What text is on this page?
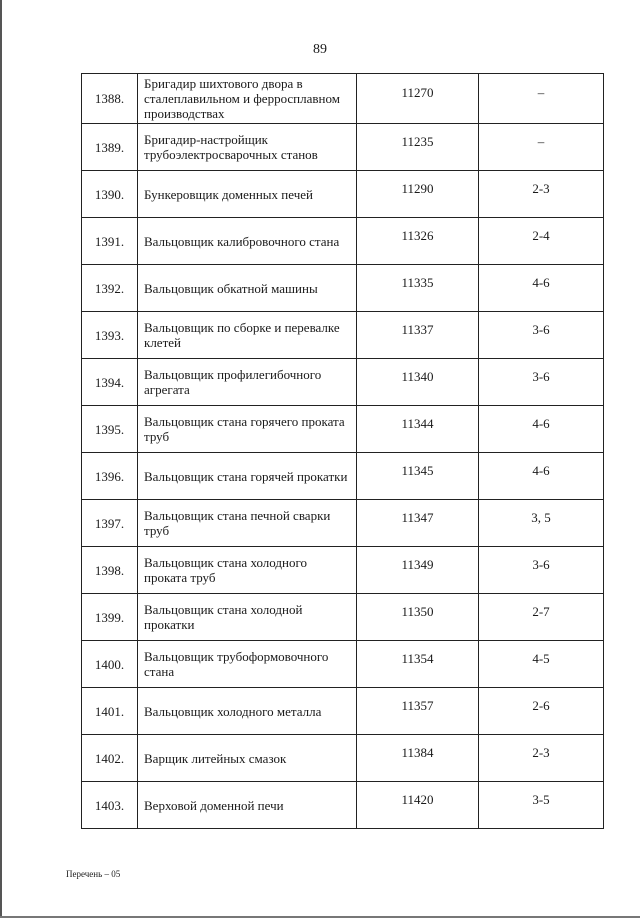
89
1388.	Бригадир шихтового двора в сталеплавильном и ферросплавном производствах	11270	–
1389.	Бригадир-настройщик трубоэлектросварочных станов	11235	–
1390.	Бункеровщик доменных печей	11290	2-3
1391.	Вальцовщик калибровочного стана	11326	2-4
1392.	Вальцовщик обкатной машины	11335	4-6
1393.	Вальцовщик по сборке и перевалке клетей	11337	3-6
1394.	Вальцовщик профилегибочного агрегата	11340	3-6
1395.	Вальцовщик стана горячего проката труб	11344	4-6
1396.	Вальцовщик стана горячей прокатки	11345	4-6
1397.	Вальцовщик стана печной сварки труб	11347	3, 5
1398.	Вальцовщик стана холодного проката труб	11349	3-6
1399.	Вальцовщик стана холодной прокатки	11350	2-7
1400.	Вальцовщик трубоформовочного стана	11354	4-5
1401.	Вальцовщик холодного металла	11357	2-6
1402.	Варщик литейных смазок	11384	2-3
1403.	Верховой доменной печи	11420	3-5
Перечень – 05
